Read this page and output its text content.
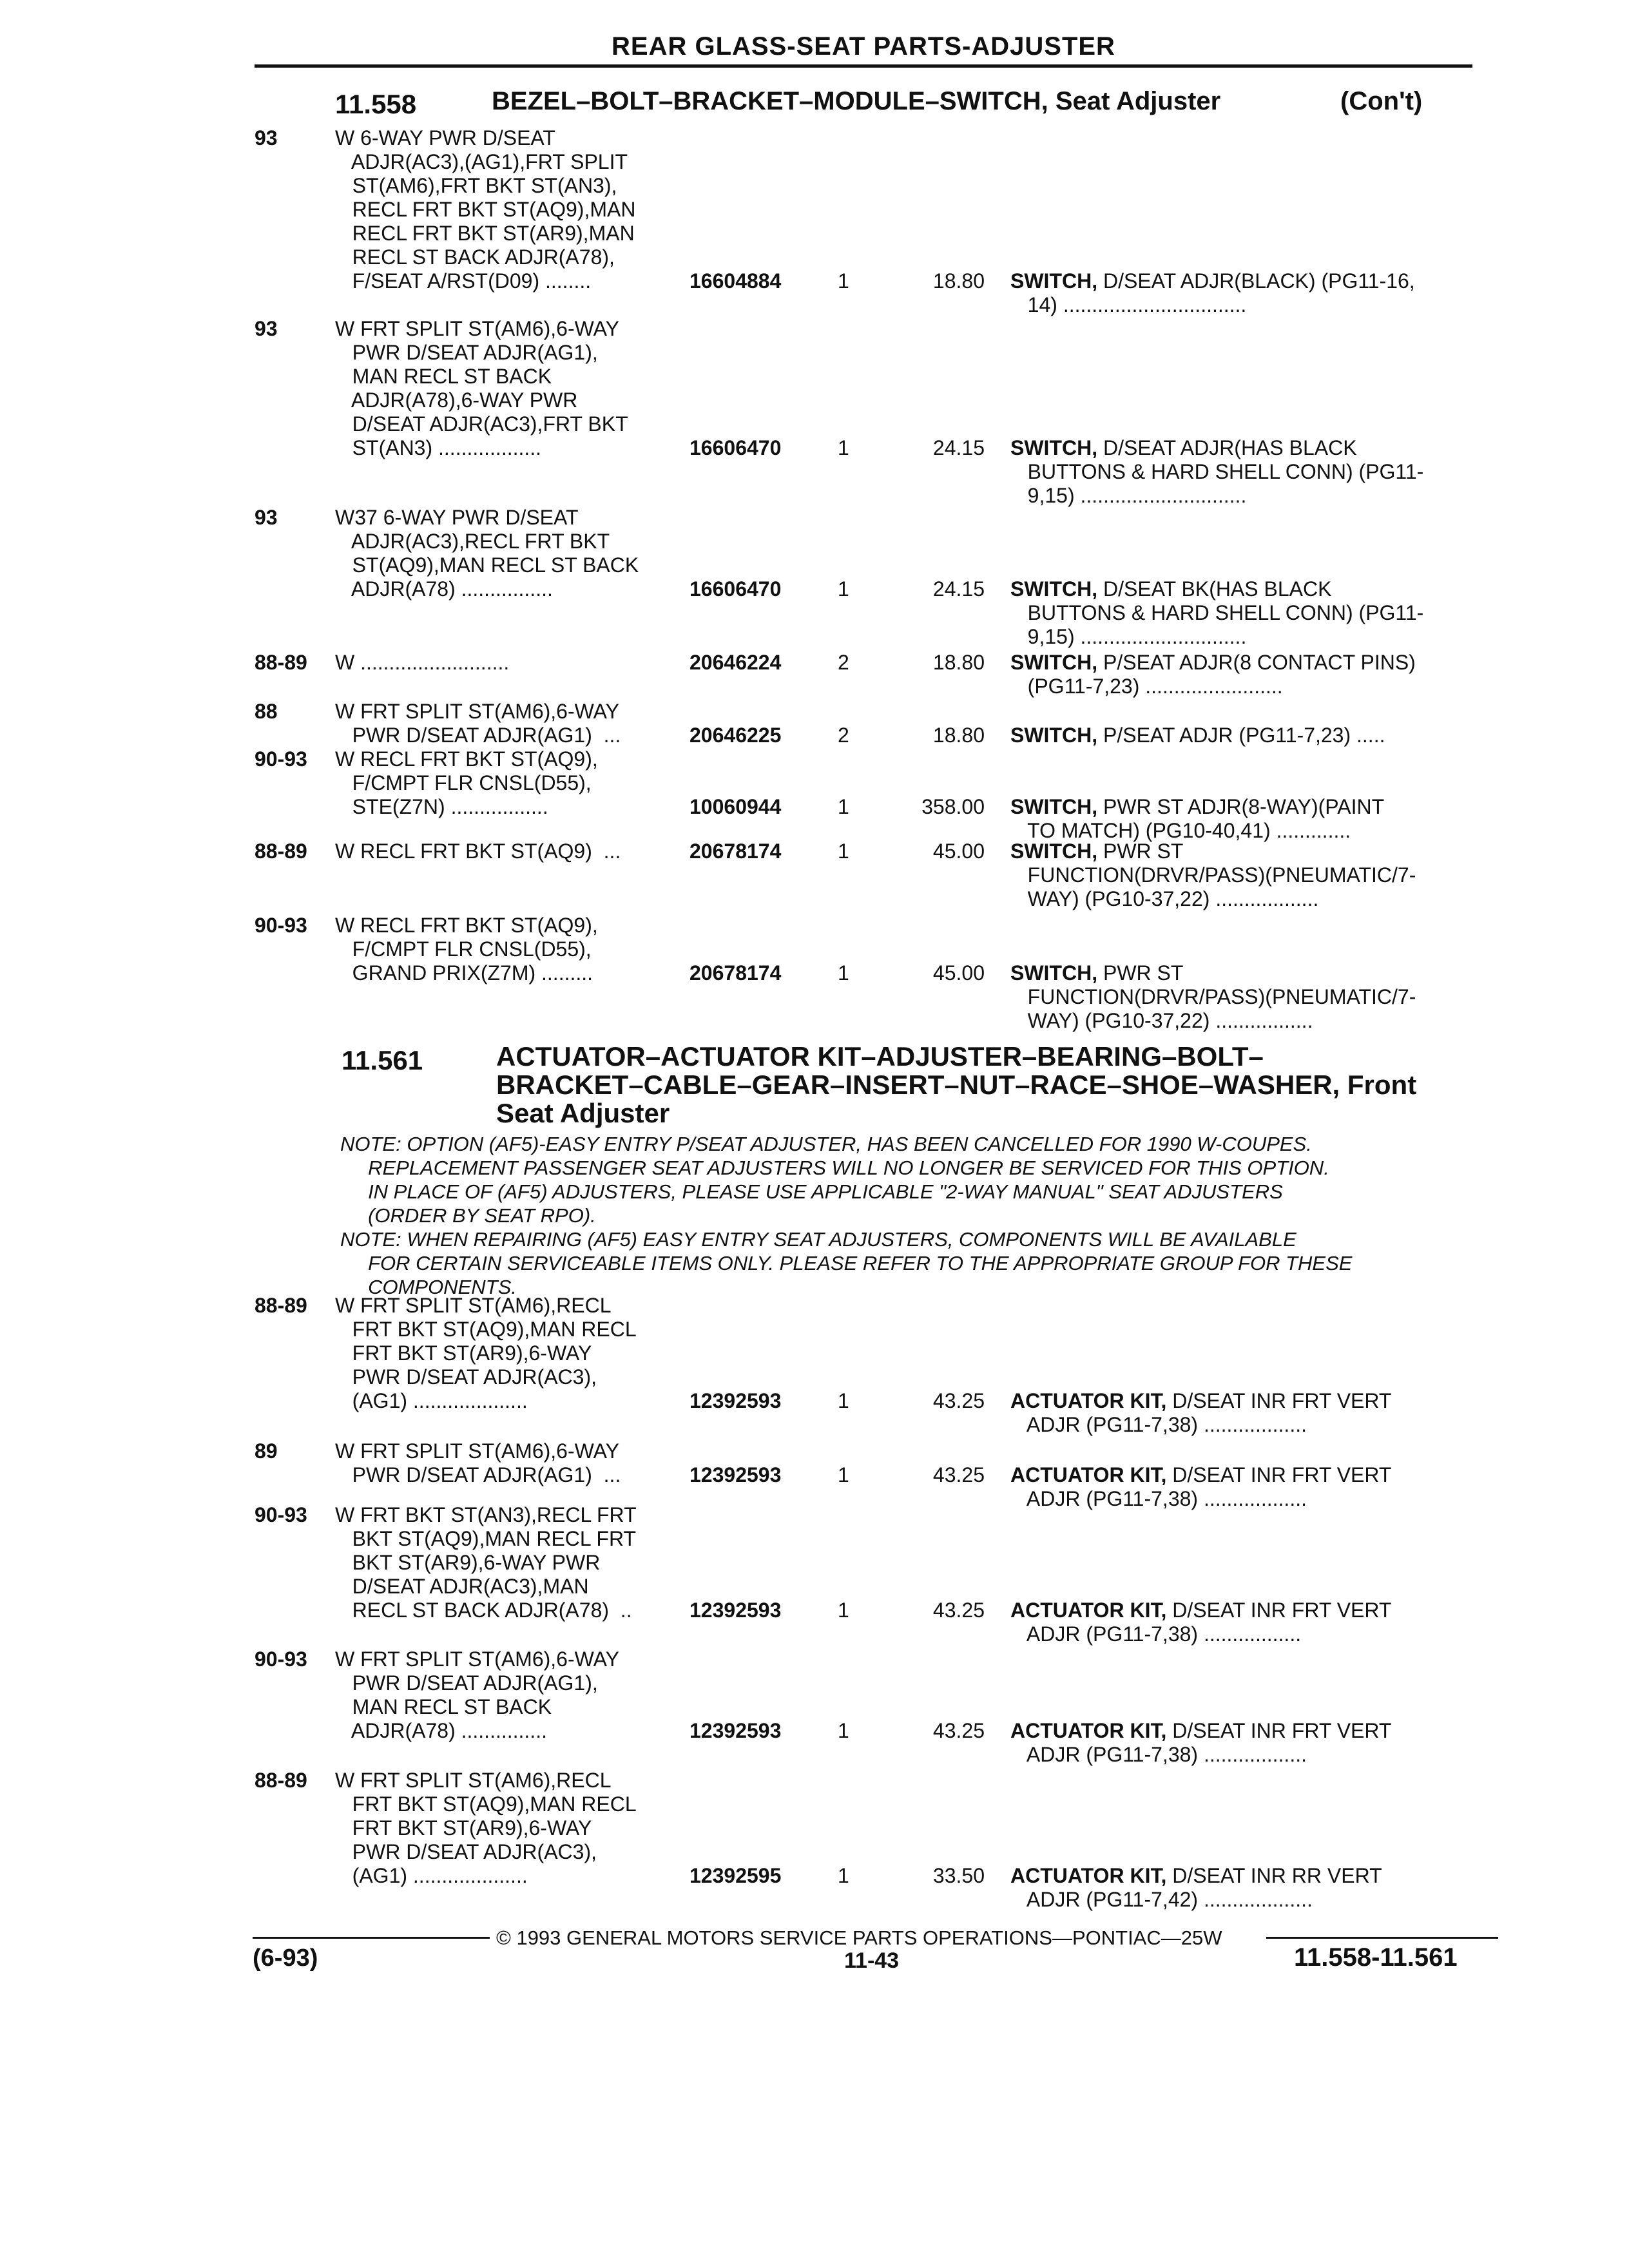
REAR GLASS-SEAT PARTS-ADJUSTER
11.558	BEZEL–BOLT–BRACKET–MODULE–SWITCH, Seat Adjuster	(Con't)
93	W 6-WAY PWR D/SEAT
ADJR(AC3),(AG1),FRT SPLIT
ST(AM6),FRT BKT ST(AN3),
RECL FRT BKT ST(AQ9),MAN
RECL FRT BKT ST(AR9),MAN
RECL ST BACK ADJR(A78),
F/SEAT A/RST(D09) ........	16604884	1	18.80 SWITCH, D/SEAT ADJR(BLACK) (PG11-16,
14) ................................
93	W FRT SPLIT ST(AM6),6-WAY
PWR D/SEAT ADJR(AG1),
MAN RECL ST BACK
ADJR(A78),6-WAY PWR
D/SEAT ADJR(AC3),FRT BKT
ST(AN3) ..................	16606470	1	24.15 SWITCH, D/SEAT ADJR(HAS BLACK
BUTTONS & HARD SHELL CONN) (PG11-
9,15) .............................
93	W37 6-WAY PWR D/SEAT
ADJR(AC3),RECL FRT BKT
ST(AQ9),MAN RECL ST BACK
ADJR(A78) ................	16606470	1	24.15 SWITCH, D/SEAT BK(HAS BLACK
BUTTONS & HARD SHELL CONN) (PG11-
9,15) .............................
88-89 W ..........................	20646224	2	18.80 SWITCH, P/SEAT ADJR(8 CONTACT PINS)
(PG11-7,23) ........................
88	W FRT SPLIT ST(AM6),6-WAY
PWR D/SEAT ADJR(AG1)  ...	20646225	2	18.80 SWITCH, P/SEAT ADJR (PG11-7,23) .....
90-93 W RECL FRT BKT ST(AQ9),
F/CMPT FLR CNSL(D55),
STE(Z7N) .................	10060944	1	358.00 SWITCH, PWR ST ADJR(8-WAY)(PAINT
TO MATCH) (PG10-40,41) .............
88-89 W RECL FRT BKT ST(AQ9)  ...	20678174	1	45.00 SWITCH, PWR ST
FUNCTION(DRVR/PASS)(PNEUMATIC/7-
WAY) (PG10-37,22) ..................
90-93 W RECL FRT BKT ST(AQ9),
F/CMPT FLR CNSL(D55),
GRAND PRIX(Z7M) .........	20678174	1	45.00 SWITCH, PWR ST
FUNCTION(DRVR/PASS)(PNEUMATIC/7-
WAY) (PG10-37,22) .................
11.561	ACTUATOR–ACTUATOR KIT–ADJUSTER–BEARING–BOLT–
BRACKET–CABLE–GEAR–INSERT–NUT–RACE–SHOE–WASHER, Front
Seat Adjuster
NOTE: OPTION (AF5)-EASY ENTRY P/SEAT ADJUSTER, HAS BEEN CANCELLED FOR 1990 W-COUPES.
REPLACEMENT PASSENGER SEAT ADJUSTERS WILL NO LONGER BE SERVICED FOR THIS OPTION.
IN PLACE OF (AF5) ADJUSTERS, PLEASE USE APPLICABLE "2-WAY MANUAL" SEAT ADJUSTERS
(ORDER BY SEAT RPO).
NOTE: WHEN REPAIRING (AF5) EASY ENTRY SEAT ADJUSTERS, COMPONENTS WILL BE AVAILABLE
FOR CERTAIN SERVICEABLE ITEMS ONLY. PLEASE REFER TO THE APPROPRIATE GROUP FOR THESE
COMPONENTS.
88-89 W FRT SPLIT ST(AM6),RECL
FRT BKT ST(AQ9),MAN RECL
FRT BKT ST(AR9),6-WAY
PWR D/SEAT ADJR(AC3),
(AG1) ....................	12392593	1	43.25 ACTUATOR KIT, D/SEAT INR FRT VERT
ADJR (PG11-7,38) ..................
89	W FRT SPLIT ST(AM6),6-WAY
PWR D/SEAT ADJR(AG1)  ...	12392593	1	43.25 ACTUATOR KIT, D/SEAT INR FRT VERT
ADJR (PG11-7,38) ..................
90-93 W FRT BKT ST(AN3),RECL FRT
BKT ST(AQ9),MAN RECL FRT
BKT ST(AR9),6-WAY PWR
D/SEAT ADJR(AC3),MAN
RECL ST BACK ADJR(A78)  ..	12392593	1	43.25 ACTUATOR KIT, D/SEAT INR FRT VERT
ADJR (PG11-7,38) .................
90-93 W FRT SPLIT ST(AM6),6-WAY
PWR D/SEAT ADJR(AG1),
MAN RECL ST BACK
ADJR(A78) ...............	12392593	1	43.25 ACTUATOR KIT, D/SEAT INR FRT VERT
ADJR (PG11-7,38) ..................
88-89 W FRT SPLIT ST(AM6),RECL
FRT BKT ST(AQ9),MAN RECL
FRT BKT ST(AR9),6-WAY
PWR D/SEAT ADJR(AC3),
(AG1) ....................	12392595	1	33.50 ACTUATOR KIT, D/SEAT INR RR VERT
ADJR (PG11-7,42) ...................
© 1993 GENERAL MOTORS SERVICE PARTS OPERATIONS—PONTIAC—25W
(6-93)	11-43	11.558-11.561
